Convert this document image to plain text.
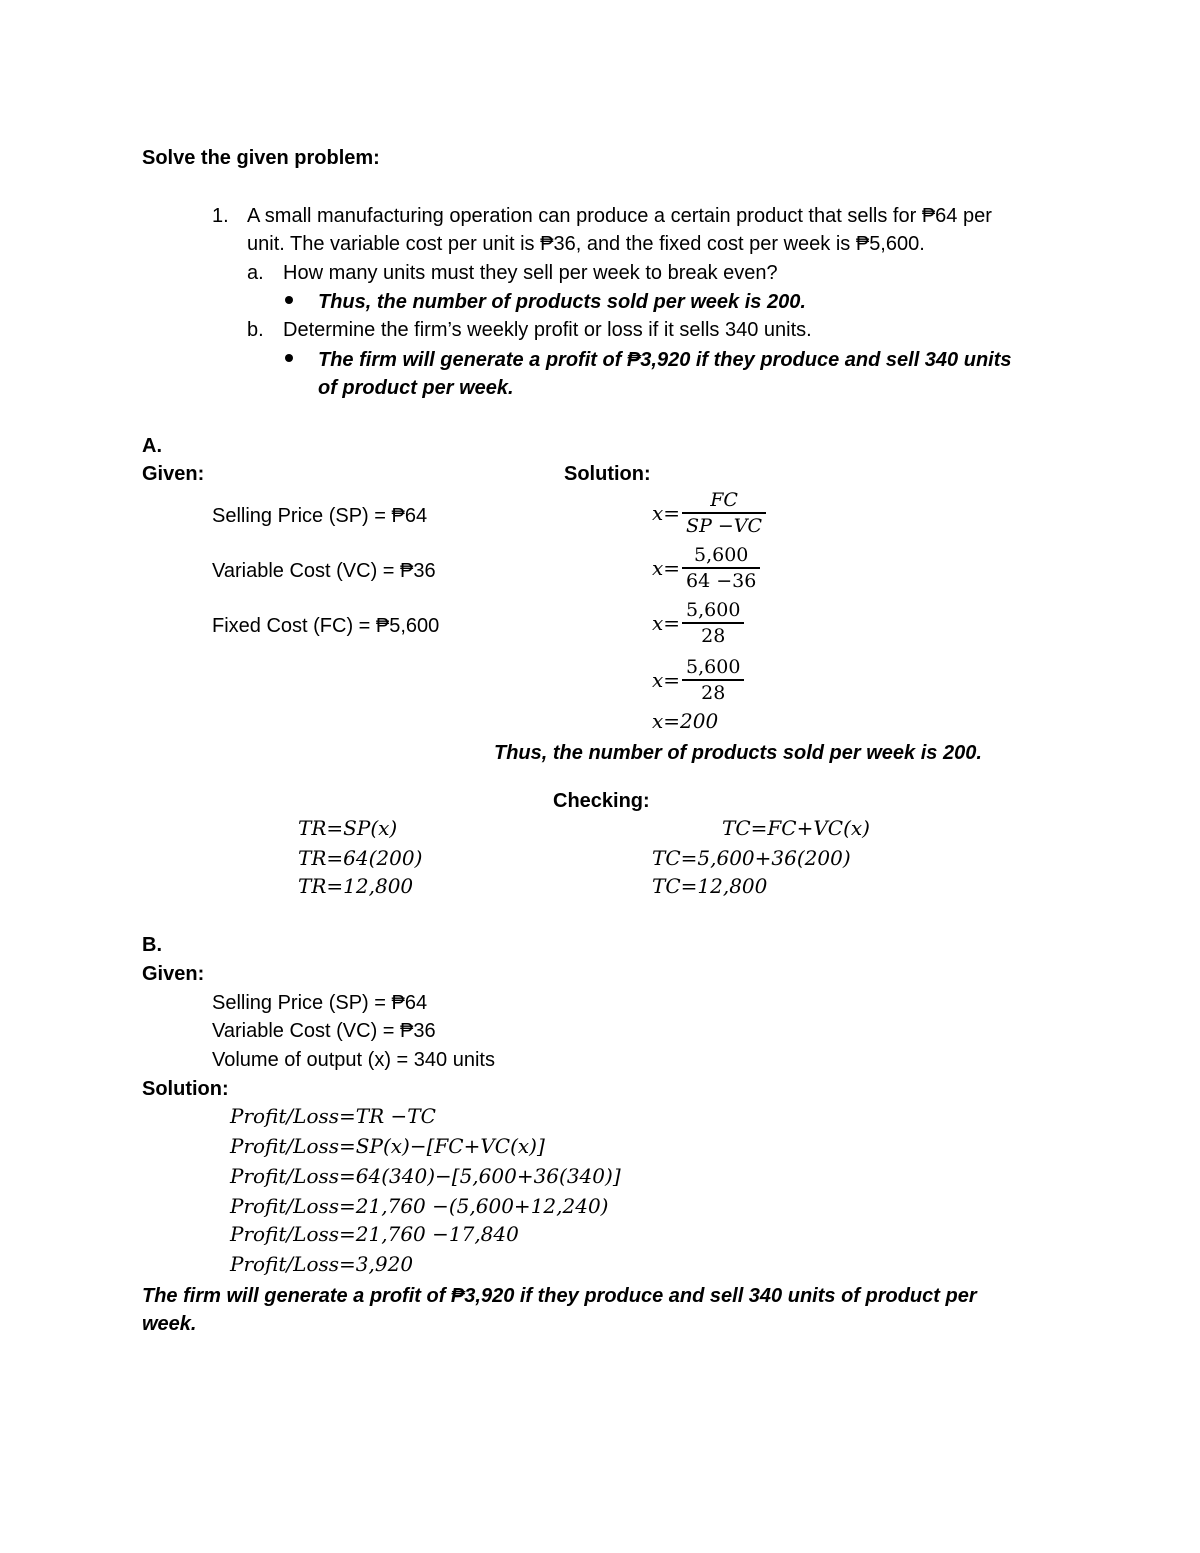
Solve the given problem:
1. A small manufacturing operation can produce a certain product that sells for ₱64 per
unit. The variable cost per unit is ₱36, and the fixed cost per week is ₱5,600.
a. How many units must they sell per week to break even?
Thus, the number of products sold per week is 200.
b. Determine the firm’s weekly profit or loss if it sells 340 units.
The firm will generate a profit of ₱3,920 if they produce and sell 340 units
of product per week.
A.
Given:	Solution:
Selling Price (SP) = ₱64
Variable Cost (VC) = ₱36
Fixed Cost (FC) = ₱5,600
$x= \frac{FC}{SP -VC}$
$x= \frac{5,600}{64 -36}$
$x= \frac{5,600}{28}$
$x= \frac{5,600}{28}$
x=200
Thus, the number of products sold per week is 200.
Checking:
TR=SP(x)
TR=64(200)
TR=12,800
TC=FC+VC(x)
TC=5,600+36(200)
TC=12,800
B.
Given:
Selling Price (SP) = ₱64
Variable Cost (VC) = ₱36
Volume of output (x) = 340 units
Solution:
Profit/Loss=TR −TC
Profit/Loss=SP(x)−[FC+VC(x)]
Profit/Loss=64(340)−[5,600+36(340)]
Profit/Loss=21,760 −(5,600+12,240)
Profit/Loss=21,760 −17,840
Profit/Loss=3,920
The firm will generate a profit of ₱3,920 if they produce and sell 340 units of product per
week.
